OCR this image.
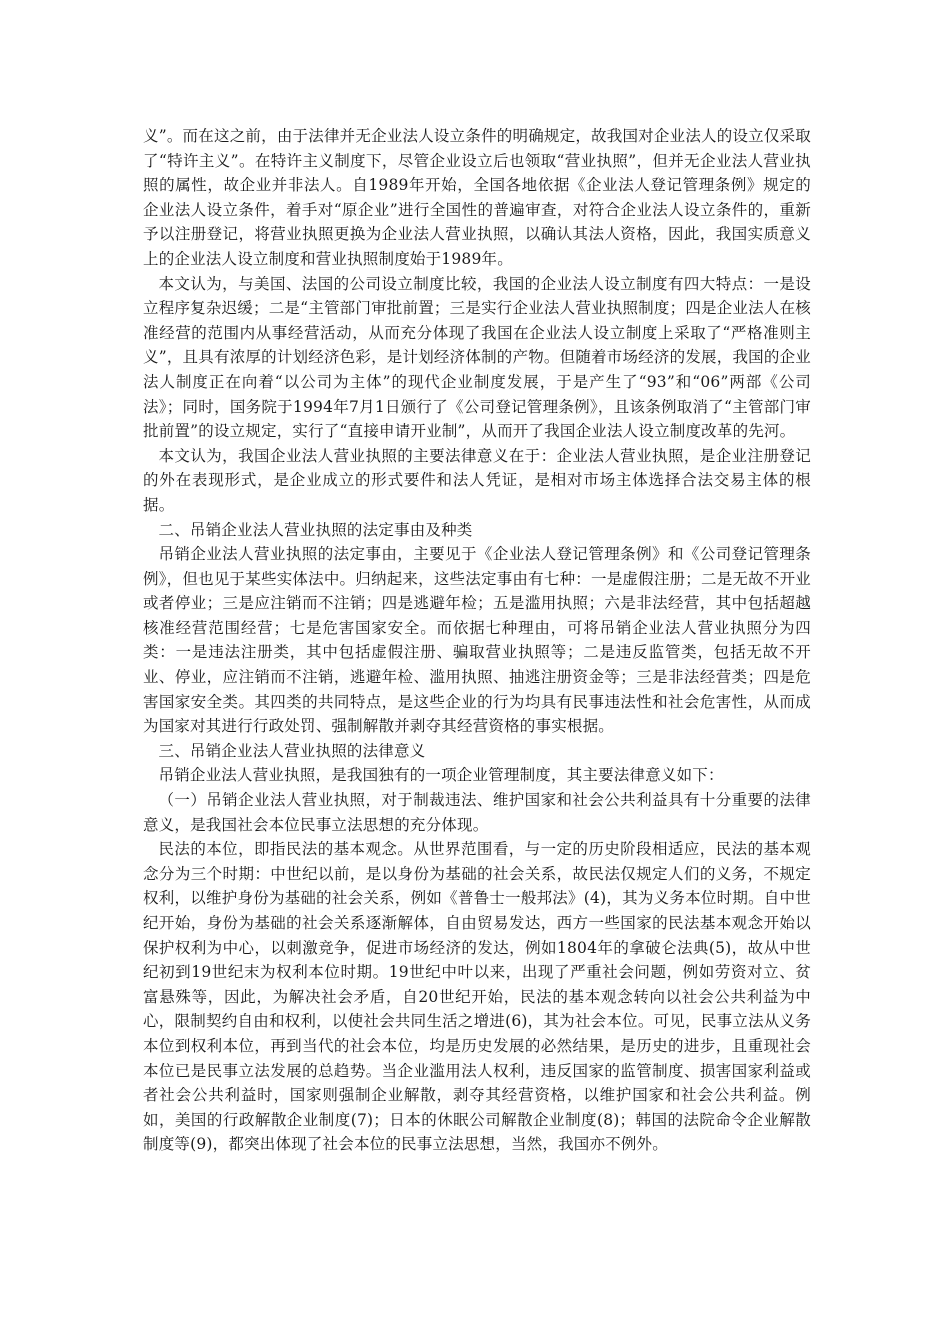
义”。而在这之前，由于法律并无企业法人设立条件的明确规定，故我国对企业法人的设立仅采取了“特许主义”。在特许主义制度下，尽管企业设立后也领取“营业执照”，但并无企业法人营业执照的属性，故企业并非法人。自1989年开始，全国各地依据《企业法人登记管理条例》规定的企业法人设立条件，着手对“原企业”进行全国性的普遍审查，对符合企业法人设立条件的，重新予以注册登记，将营业执照更换为企业法人营业执照，以确认其法人资格，因此，我国实质意义上的企业法人设立制度和营业执照制度始于1989年。

本文认为，与美国、法国的公司设立制度比较，我国的企业法人设立制度有四大特点：一是设立程序复杂迟缓；二是“主管部门审批前置；三是实行企业法人营业执照制度；四是企业法人在核准经营的范围内从事经营活动，从而充分体现了我国在企业法人设立制度上采取了“严格准则主义”，且具有浓厚的计划经济色彩，是计划经济体制的产物。但随着市场经济的发展，我国的企业法人制度正在向着“以公司为主体”的现代企业制度发展，于是产生了“93”和“06”两部《公司法》；同时，国务院于1994年7月1日颁行了《公司登记管理条例》，且该条例取消了“主管部门审批前置”的设立规定，实行了“直接申请开业制”，从而开了我国企业法人设立制度改革的先河。

本文认为，我国企业法人营业执照的主要法律意义在于：企业法人营业执照，是企业注册登记的外在表现形式，是企业成立的形式要件和法人凭证，是相对市场主体选择合法交易主体的根据。

二、吊销企业法人营业执照的法定事由及种类

吊销企业法人营业执照的法定事由，主要见于《企业法人登记管理条例》和《公司登记管理条例》，但也见于某些实体法中。归纳起来，这些法定事由有七种：一是虚假注册；二是无故不开业或者停业；三是应注销而不注销；四是逃避年检；五是滥用执照；六是非法经营，其中包括超越核准经营范围经营；七是危害国家安全。而依据七种理由，可将吊销企业法人营业执照分为四类：一是违法注册类，其中包括虚假注册、骗取营业执照等；二是违反监管类，包括无故不开业、停业，应注销而不注销，逃避年检、滥用执照、抽逃注册资金等；三是非法经营类；四是危害国家安全类。其四类的共同特点，是这些企业的行为均具有民事违法性和社会危害性，从而成为国家对其进行行政处罚、强制解散并剥夺其经营资格的事实根据。

三、吊销企业法人营业执照的法律意义

吊销企业法人营业执照，是我国独有的一项企业管理制度，其主要法律意义如下：

（一）吊销企业法人营业执照，对于制裁违法、维护国家和社会公共利益具有十分重要的法律意义，是我国社会本位民事立法思想的充分体现。

民法的本位，即指民法的基本观念。从世界范围看，与一定的历史阶段相适应，民法的基本观念分为三个时期：中世纪以前，是以身份为基础的社会关系，故民法仅规定人们的义务，不规定权利，以维护身份为基础的社会关系，例如《普鲁士一般邦法》(4)，其为义务本位时期。自中世纪开始，身份为基础的社会关系逐渐解体，自由贸易发达，西方一些国家的民法基本观念开始以保护权利为中心，以刺激竞争，促进市场经济的发达，例如1804年的拿破仑法典(5)，故从中世纪初到19世纪末为权利本位时期。19世纪中叶以来，出现了严重社会问题，例如劳资对立、贫富悬殊等，因此，为解决社会矛盾，自20世纪开始，民法的基本观念转向以社会公共利益为中心，限制契约自由和权利，以使社会共同生活之增进(6)，其为社会本位。可见，民事立法从义务本位到权利本位，再到当代的社会本位，均是历史发展的必然结果，是历史的进步，且重现社会本位已是民事立法发展的总趋势。当企业滥用法人权利，违反国家的监管制度、损害国家利益或者社会公共利益时，国家则强制企业解散，剥夺其经营资格，以维护国家和社会公共利益。例如，美国的行政解散企业制度(7)；日本的休眠公司解散企业制度(8)；韩国的法院命令企业解散制度等(9)，都突出体现了社会本位的民事立法思想，当然，我国亦不例外。
